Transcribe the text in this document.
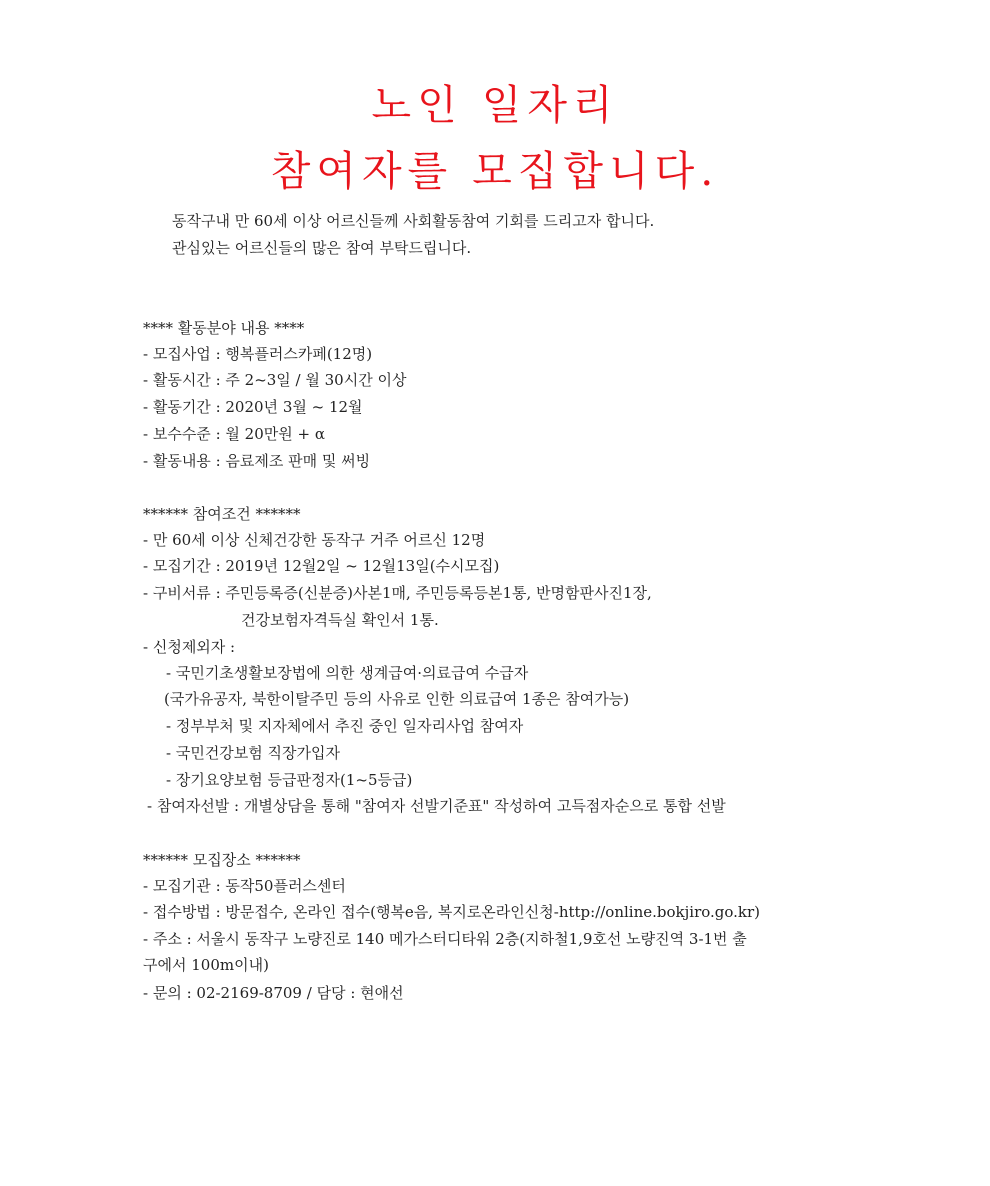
노인 일자리
참여자를 모집합니다.

동작구내 만 60세 이상 어르신들께 사회활동참여 기회를 드리고자 합니다.

관심있는 어르신들의 많은 참여 부탁드립니다.

**** 활동분야 내용 ****

- 모집사업 : 행복플러스카페(12명)

- 활동시간 : 주 2~3일 / 월 30시간 이상

- 활동기간 : 2020년 3월 ~ 12월

- 보수수준 : 월 20만원 + α

- 활동내용 : 음료제조 판매 및 써빙

****** 참여조건 ******

- 만 60세 이상 신체건강한 동작구 거주 어르신 12명

- 모집기간 : 2019년 12월2일 ~ 12월13일(수시모집)

- 구비서류 : 주민등록증(신분증)사본1매, 주민등록등본1통, 반명함판사진1장,

건강보험자격득실 확인서 1통.

- 신청제외자 :

- 국민기초생활보장법에 의한 생계급여·의료급여 수급자

(국가유공자, 북한이탈주민 등의 사유로 인한 의료급여 1종은 참여가능)

- 정부부처 및 지자체에서 추진 중인 일자리사업 참여자

- 국민건강보험 직장가입자

- 장기요양보험 등급판정자(1~5등급)

- 참여자선발 : 개별상담을 통해 "참여자 선발기준표" 작성하여 고득점자순으로 통합 선발

****** 모집장소 ******

- 모집기관 : 동작50플러스센터

- 접수방법 : 방문접수, 온라인 접수(행복e음, 복지로온라인신청-http://online.bokjiro.go.kr)

- 주소 : 서울시 동작구 노량진로 140 메가스터디타워 2층(지하철1,9호선 노량진역 3-1번 출

구에서 100m이내)

- 문의 : 02-2169-8709 / 담당 : 현애선
